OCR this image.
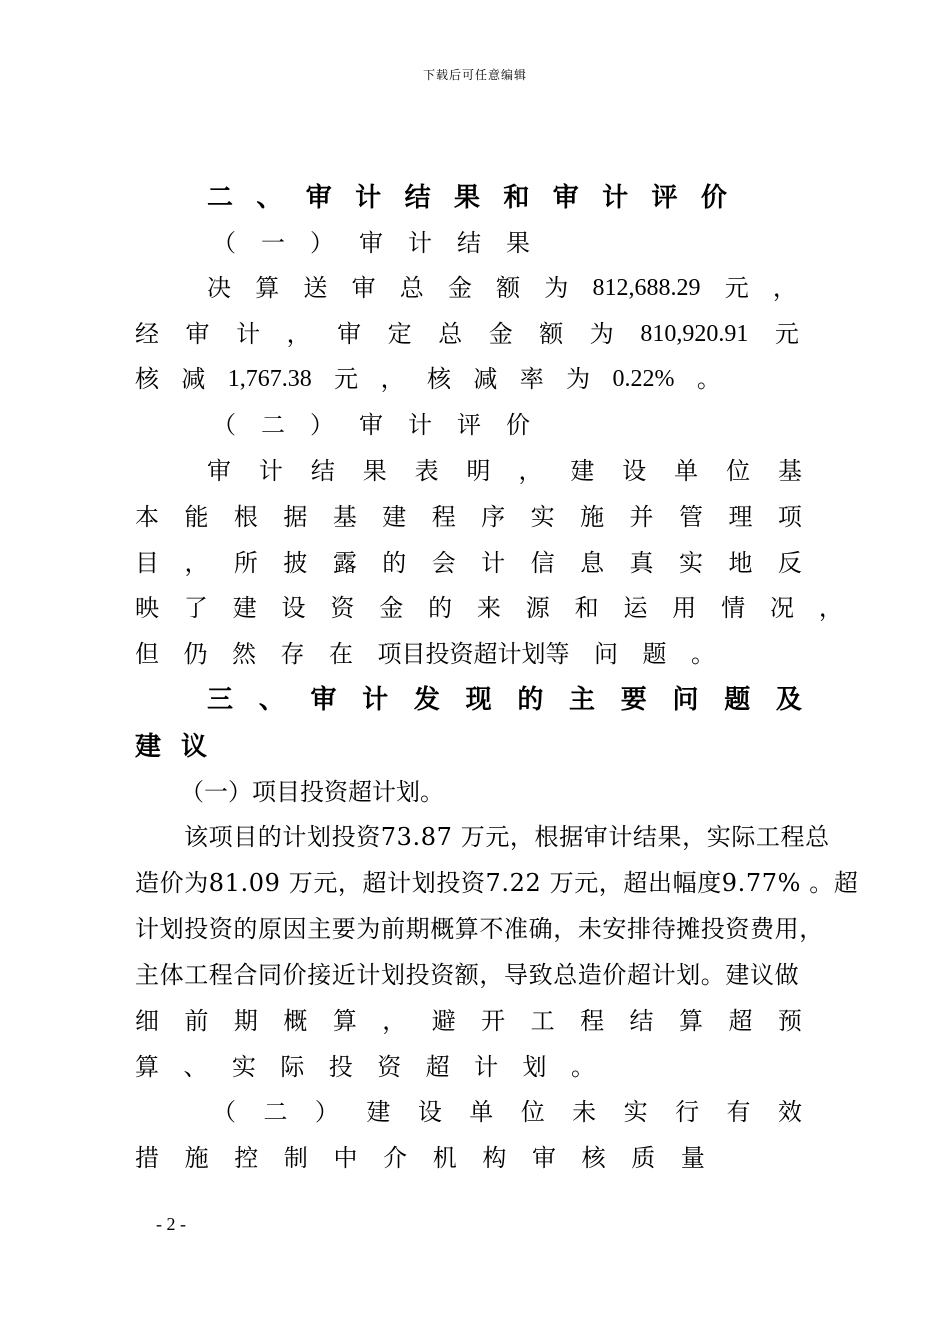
下载后可任意编辑
二 、 审 计 结 果 和 审 计 评 价
（ 一 ） 审 计 结 果
决 算 送 审 总 金 额 为 812,688.29 元 ，
经 审 计 ， 审 定 总 金 额 为 810,920.91 元
核 减 1,767.38 元 ， 核 减 率 为 0.22% 。
（ 二 ） 审 计 评 价
审 计 结 果 表 明 ， 建 设 单 位 基
本 能 根 据 基 建 程 序 实 施 并 管 理 项
目 ， 所 披 露 的 会 计 信 息 真 实 地 反
映 了 建 设 资 金 的 来 源 和 运 用 情 况 ，
但 仍 然 存 在 项目投资超计划等 问 题 。
三 、 审 计 发 现 的 主 要 问 题 及
建 议
（一）项目投资超计划。
该项目的计划投资73.87 万元，根据审计结果，实际工程总
造价为81.09 万元，超计划投资7.22 万元，超出幅度9.77% 。超
计划投资的原因主要为前期概算不准确，未安排待摊投资费用，
主体工程合同价接近计划投资额，导致总造价超计划。建议做
细 前 期 概 算 ， 避 开 工 程 结 算 超 预
算 、 实 际 投 资 超 计 划 。
（ 二 ） 建 设 单 位 未 实 行 有 效
措 施 控 制 中 介 机 构 审 核 质 量
- 2 -
